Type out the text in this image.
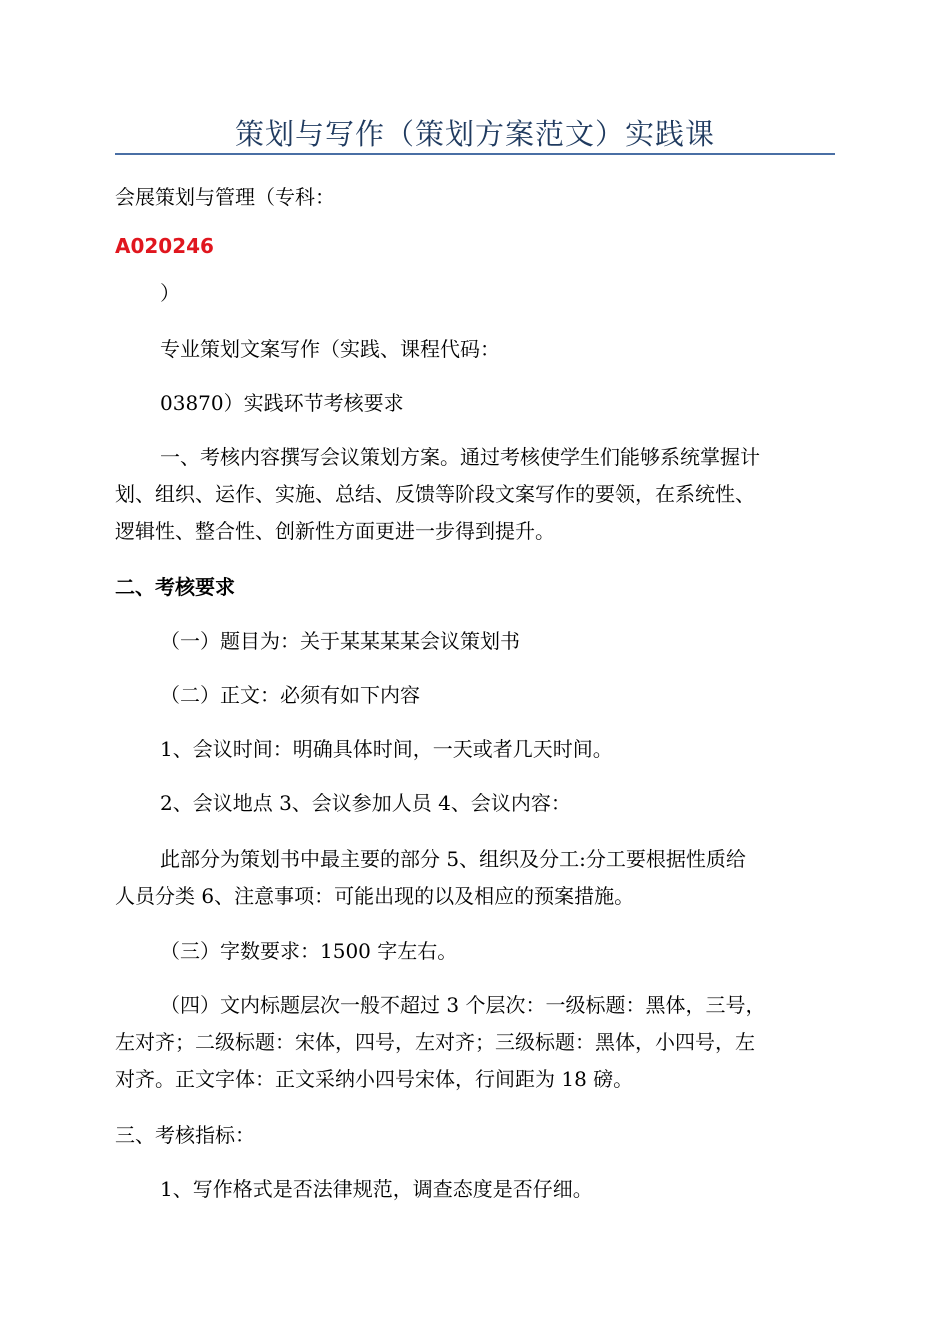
策划与写作（策划方案范文）实践课
会展策划与管理（专科：
A020246
）
专业策划文案写作（实践、课程代码：
03870）实践环节考核要求
一、考核内容撰写会议策划方案。通过考核使学生们能够系统掌握计
划、组织、运作、实施、总结、反馈等阶段文案写作的要领，在系统性、
逻辑性、整合性、创新性方面更进一步得到提升。
二、考核要求
（一）题目为：关于某某某某会议策划书
（二）正文：必须有如下内容
1、会议时间：明确具体时间，一天或者几天时间。
2、会议地点 3、会议参加人员 4、会议内容：
此部分为策划书中最主要的部分 5、组织及分工:分工要根据性质给
人员分类 6、注意事项：可能出现的以及相应的预案措施。
（三）字数要求：1500 字左右。
（四）文内标题层次一般不超过 3 个层次：一级标题：黑体，三号，
左对齐；二级标题：宋体，四号，左对齐；三级标题：黑体，小四号，左
对齐。正文字体：正文采纳小四号宋体，行间距为 18 磅。
三、考核指标：
1、写作格式是否法律规范，调查态度是否仔细。
